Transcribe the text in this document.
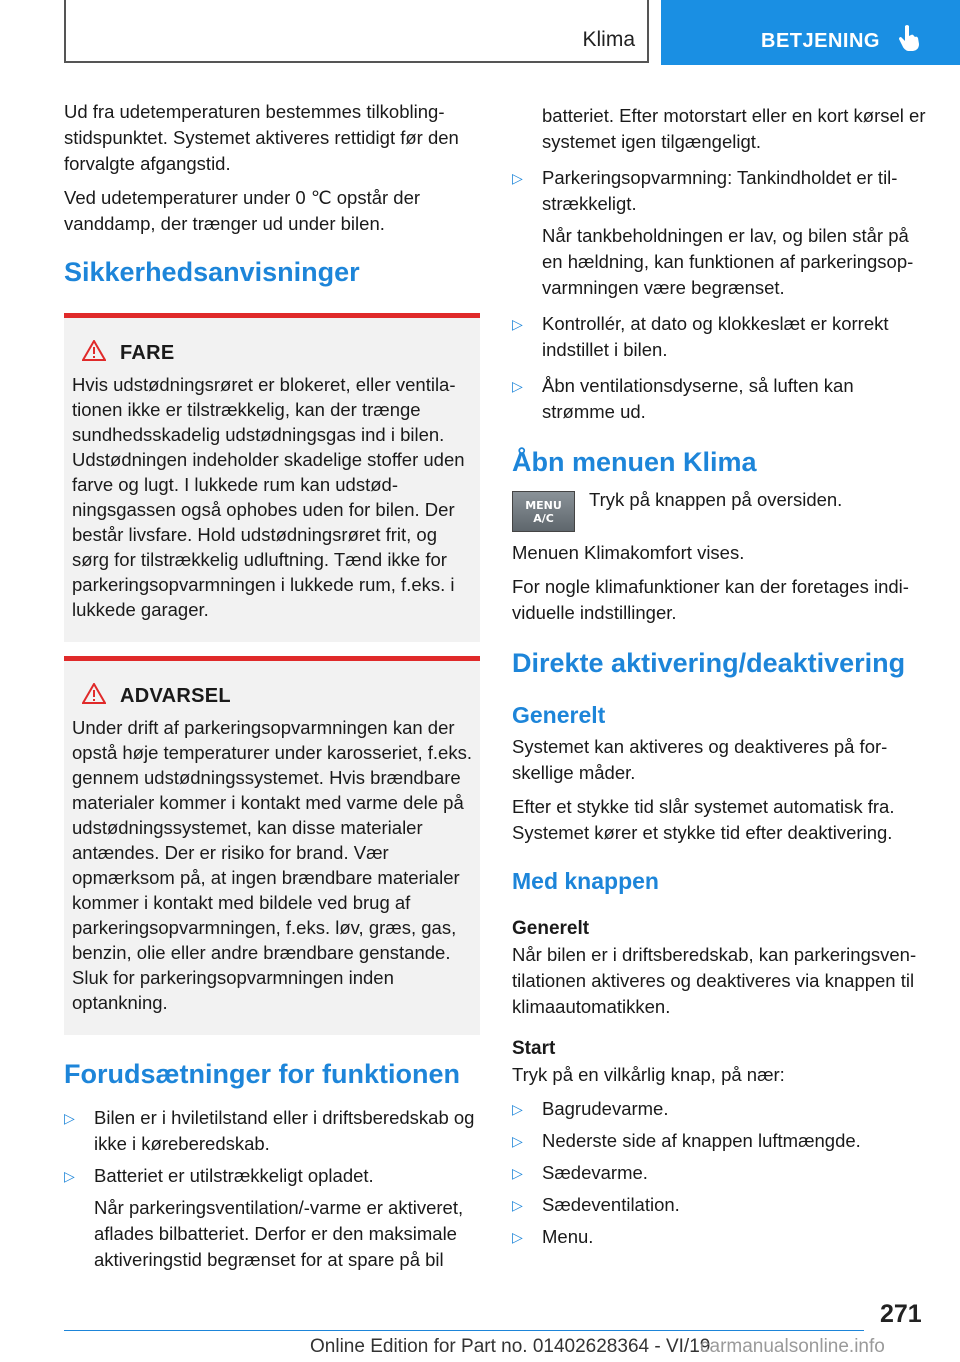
Klima	BETJENING

Ud fra udetemperaturen bestemmes tilkoblingstidspunktet. Systemet aktiveres rettidigt før den forvalgte afgangstid.

Ved udetemperaturer under 0 ℃ opstår der vanddamp, der trænger ud under bilen.

Sikkerhedsanvisninger
FARE

Hvis udstødningsrøret er blokeret, eller ventilationen ikke er tilstrækkelig, kan der trænge sundhedsskadelig udstødningsgas ind i bilen. Udstødningen indeholder skadelige stoffer uden farve og lugt. I lukkede rum kan udstødningsgassen også ophobes uden for bilen. Der består livsfare. Hold udstødningsrøret frit, og sørg for tilstrækkelig udluftning. Tænd ikke for parkeringsopvarmningen i lukkede rum, f.eks. i lukkede garager.

ADVARSEL

Under drift af parkeringsopvarmningen kan der opstå høje temperaturer under karosseriet, f.eks. gennem udstødningssystemet. Hvis brændbare materialer kommer i kontakt med varme dele på udstødningssystemet, kan disse materialer antændes. Der er risiko for brand. Vær opmærksom på, at ingen brændbare materialer kommer i kontakt med bildele ved brug af parkeringsopvarmningen, f.eks. løv, græs, gas, benzin, olie eller andre brændbare genstande. Sluk for parkeringsopvarmningen inden optankning.

Forudsætninger for funktionen
▷	Bilen er i hviletilstand eller i driftsberedskab og ikke i køreberedskab.
▷	Batteriet er utilstrækkeligt opladet.
Når parkeringsventilation/-varme er aktiveret, aflades bilbatteriet. Derfor er den maksimale aktiveringstid begrænset for at spare på bil
batteriet. Efter motorstart eller en kort kørsel er systemet igen tilgængeligt.
▷	Parkeringsopvarmning: Tankindholdet er tilstrækkeligt.
Når tankbeholdningen er lav, og bilen står på en hældning, kan funktionen af parkeringsopvarmningen være begrænset.
▷	Kontrollér, at dato og klokkeslæt er korrekt indstillet i bilen.
▷	Åbn ventilationsdyserne, så luften kan strømme ud.
Åbn menuen Klima
MENU
A/C

Tryk på knappen på oversiden.

Menuen Klimakomfort vises.

For nogle klimafunktioner kan der foretages individuelle indstillinger.

Direkte aktivering/deaktivering
Generelt

Systemet kan aktiveres og deaktiveres på forskellige måder.

Efter et stykke tid slår systemet automatisk fra. Systemet kører et stykke tid efter deaktivering.

Med knappen
Generelt

Når bilen er i driftsberedskab, kan parkeringsventilationen aktiveres og deaktiveres via knappen til klimaautomatikken.

Start

Tryk på en vilkårlig knap, på nær:

▷	Bagrudevarme.
▷	Nederste side af knappen luftmængde.
▷	Sædevarme.
▷	Sædeventilation.
▷	Menu.
271
Online Edition for Part no. 01402628364 - VI/19
carmanualsonline.info
